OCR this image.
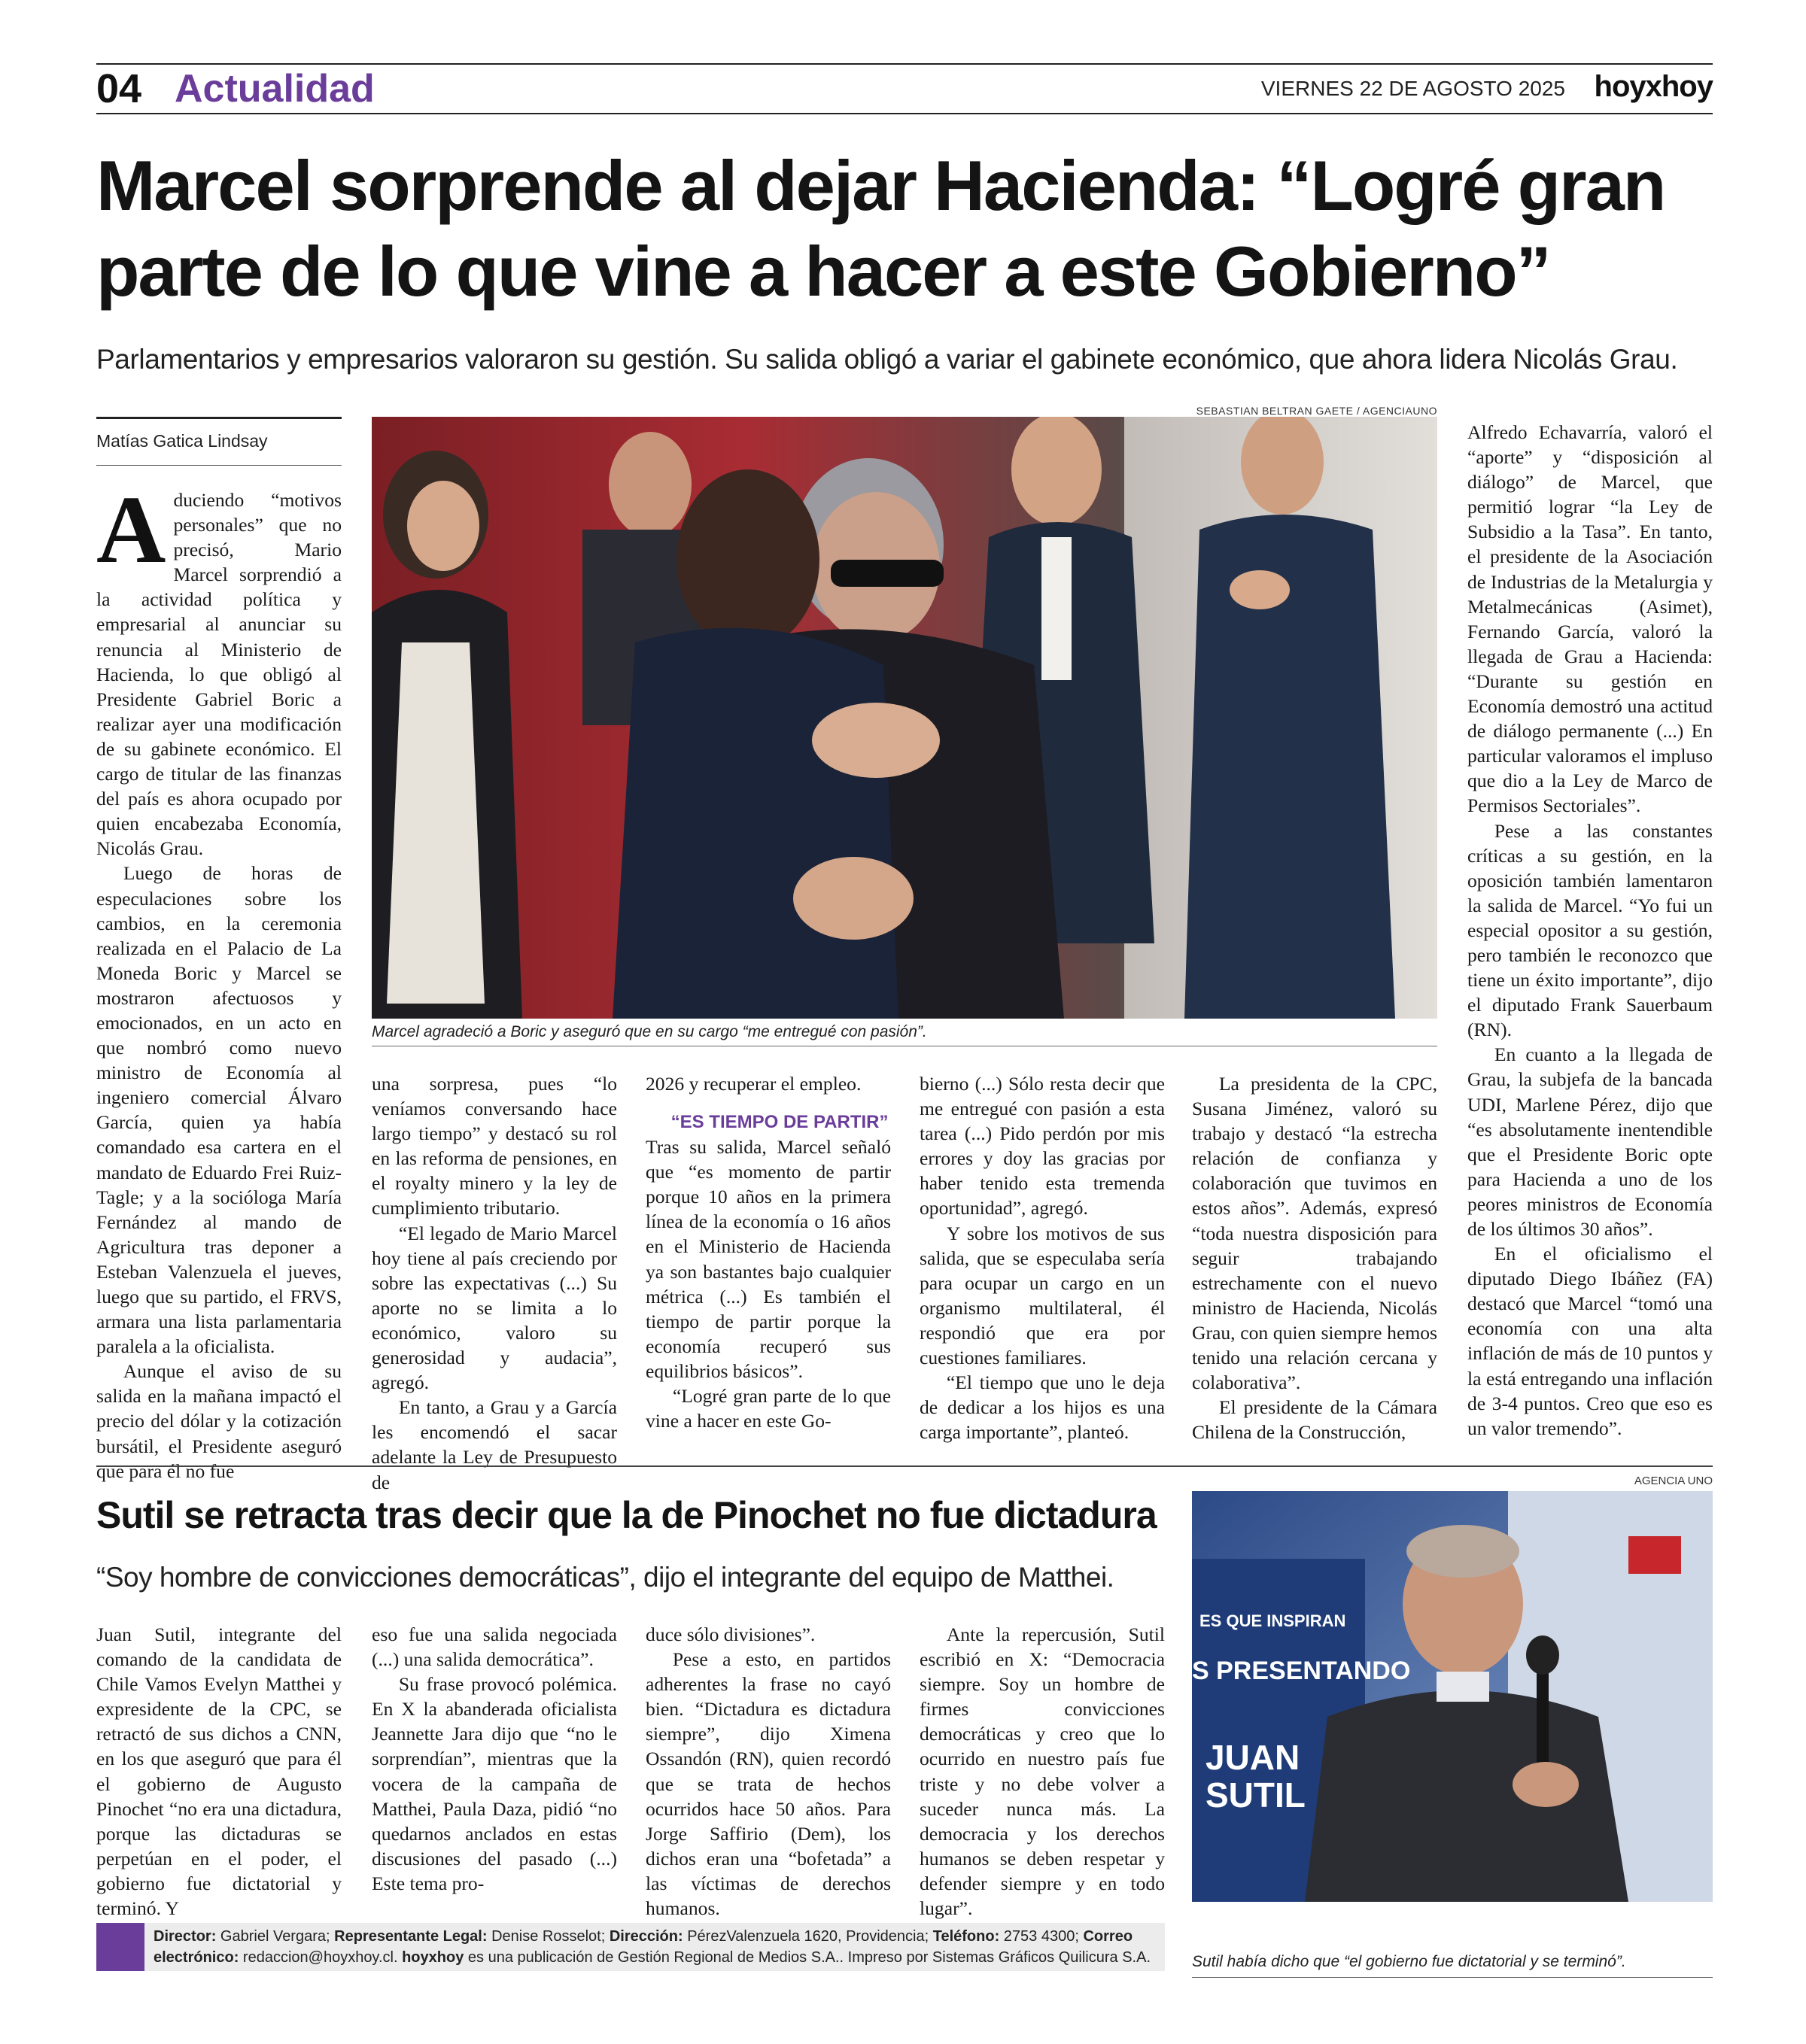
04 Actualidad	VIERNES 22 DE AGOSTO 2025 hoyxhoy
Marcel sorprende al dejar Hacienda: “Logré gran parte de lo que vine a hacer a este Gobierno”
Parlamentarios y empresarios valoraron su gestión. Su salida obligó a variar el gabinete económico, que ahora lidera Nicolás Grau.
Matías Gatica Lindsay
SEBASTIAN BELTRAN GAETE / AGENCIAUNO
Marcel agradeció a Boric y aseguró que en su cargo “me entregué con pasión”.

Aduciendo “motivos personales” que no precisó, Mario Marcel sorprendió a la actividad política y empresarial al anunciar su renuncia al Ministerio de Hacienda, lo que obligó al Presidente Gabriel Boric a realizar ayer una modificación de su gabinete económico. El cargo de titular de las finanzas del país es ahora ocupado por quien encabezaba Economía, Nicolás Grau.

Luego de horas de especulaciones sobre los cambios, en la ceremonia realizada en el Palacio de La Moneda Boric y Marcel se mostraron afectuosos y emocionados, en un acto en que nombró como nuevo ministro de Economía al ingeniero comercial Álvaro García, quien ya había comandado esa cartera en el mandato de Eduardo Frei Ruiz-Tagle; y a la socióloga María Fernández al mando de Agricultura tras deponer a Esteban Valenzuela el jueves, luego que su partido, el FRVS, armara una lista parlamentaria paralela a la oficialista.

Aunque el aviso de su salida en la mañana impactó el precio del dólar y la cotización bursátil, el Presidente aseguró que para él no fue

una sorpresa, pues “lo veníamos conversando hace largo tiempo” y destacó su rol en las reforma de pensiones, en el royalty minero y la ley de cumplimiento tributario.

“El legado de Mario Marcel hoy tiene al país creciendo por sobre las expectativas (...) Su aporte no se limita a lo económico, valoro su generosidad y audacia”, agregó.

En tanto, a Grau y a García les encomendó el sacar adelante la Ley de Presupuesto de

2026 y recuperar el empleo.

“ES TIEMPO DE PARTIR”

Tras su salida, Marcel señaló que “es momento de partir porque 10 años en la primera línea de la economía o 16 años en el Ministerio de Hacienda ya son bastantes bajo cualquier métrica (...) Es también el tiempo de partir porque la economía recuperó sus equilibrios básicos”.

“Logré gran parte de lo que vine a hacer en este Go-

bierno (...) Sólo resta decir que me entregué con pasión a esta tarea (...) Pido perdón por mis errores y doy las gracias por haber tenido esta tremenda oportunidad”, agregó.

Y sobre los motivos de sus salida, que se especulaba sería para ocupar un cargo en un organismo multilateral, él respondió que era por cuestiones familiares.

“El tiempo que uno le deja de dedicar a los hijos es una carga importante”, planteó.

La presidenta de la CPC, Susana Jiménez, valoró su trabajo y destacó “la estrecha relación de confianza y colaboración que tuvimos en estos años”. Además, expresó “toda nuestra disposición para seguir trabajando estrechamente con el nuevo ministro de Hacienda, Nicolás Grau, con quien siempre hemos tenido una relación cercana y colaborativa”.

El presidente de la Cámara Chilena de la Construcción,

Alfredo Echavarría, valoró el “aporte” y “disposición al diálogo” de Marcel, que permitió lograr “la Ley de Subsidio a la Tasa”. En tanto, el presidente de la Asociación de Industrias de la Metalurgia y Metalmecánicas (Asimet), Fernando García, valoró la llegada de Grau a Hacienda: “Durante su gestión en Economía demostró una actitud de diálogo permanente (...) En particular valoramos el impluso que dio a la Ley de Marco de Permisos Sectoriales”.

Pese a las constantes críticas a su gestión, en la oposición también lamentaron la salida de Marcel. “Yo fui un especial opositor a su gestión, pero también le reconozco que tiene un éxito importante”, dijo el diputado Frank Sauerbaum (RN).

En cuanto a la llegada de Grau, la subjefa de la bancada UDI, Marlene Pérez, dijo que “es absolutamente inentendible que el Presidente Boric opte para Hacienda a uno de los peores ministros de Economía de los últimos 30 años”.

En el oficialismo el diputado Diego Ibáñez (FA) destacó que Marcel “tomó una economía con una alta inflación de más de 10 puntos y la está entregando una inflación de 3-4 puntos. Creo que eso es un valor tremendo”.

AGENCIA UNO
Sutil se retracta tras decir que la de Pinochet no fue dictadura
“Soy hombre de convicciones democráticas”, dijo el integrante del equipo de Matthei.

Juan Sutil, integrante del comando de la candidata de Chile Vamos Evelyn Matthei y expresidente de la CPC, se retractó de sus dichos a CNN, en los que aseguró que para él el gobierno de Augusto Pinochet “no era una dictadura, porque las dictaduras se perpetúan en el poder, el gobierno fue dictatorial y terminó. Y

eso fue una salida negociada (...) una salida democrática”.

Su frase provocó polémica. En X la abanderada oficialista Jeannette Jara dijo que “no le sorprendían”, mientras que la vocera de la campaña de Matthei, Paula Daza, pidió “no quedarnos anclados en estas discusiones del pasado (...) Este tema pro-

duce sólo divisiones”.

Pese a esto, en partidos adherentes la frase no cayó bien. “Dictadura es dictadura siempre”, dijo Ximena Ossandón (RN), quien recordó que se trata de hechos ocurridos hace 50 años. Para Jorge Saffirio (Dem), los dichos eran una “bofetada” a las víctimas de derechos humanos.

Ante la repercusión, Sutil escribió en X: “Democracia siempre. Soy un hombre de firmes convicciones democráticas y creo que lo ocurrido en nuestro país fue triste y no debe volver a suceder nunca más. La democracia y los derechos humanos se deben respetar y defender siempre y en todo lugar”.

ES QUE INSPIRAN
S PRESENTANDO
JUAN
SUTIL
Sutil había dicho que “el gobierno fue dictatorial y se terminó”.
Director: Gabriel Vergara; Representante Legal: Denise Rosselot; Dirección: PérezValenzuela 1620, Providencia; Teléfono: 2753 4300; Correo electrónico: redaccion@hoyxhoy.cl. hoyxhoy es una publicación de Gestión Regional de Medios S.A.. Impreso por Sistemas Gráficos Quilicura S.A.
